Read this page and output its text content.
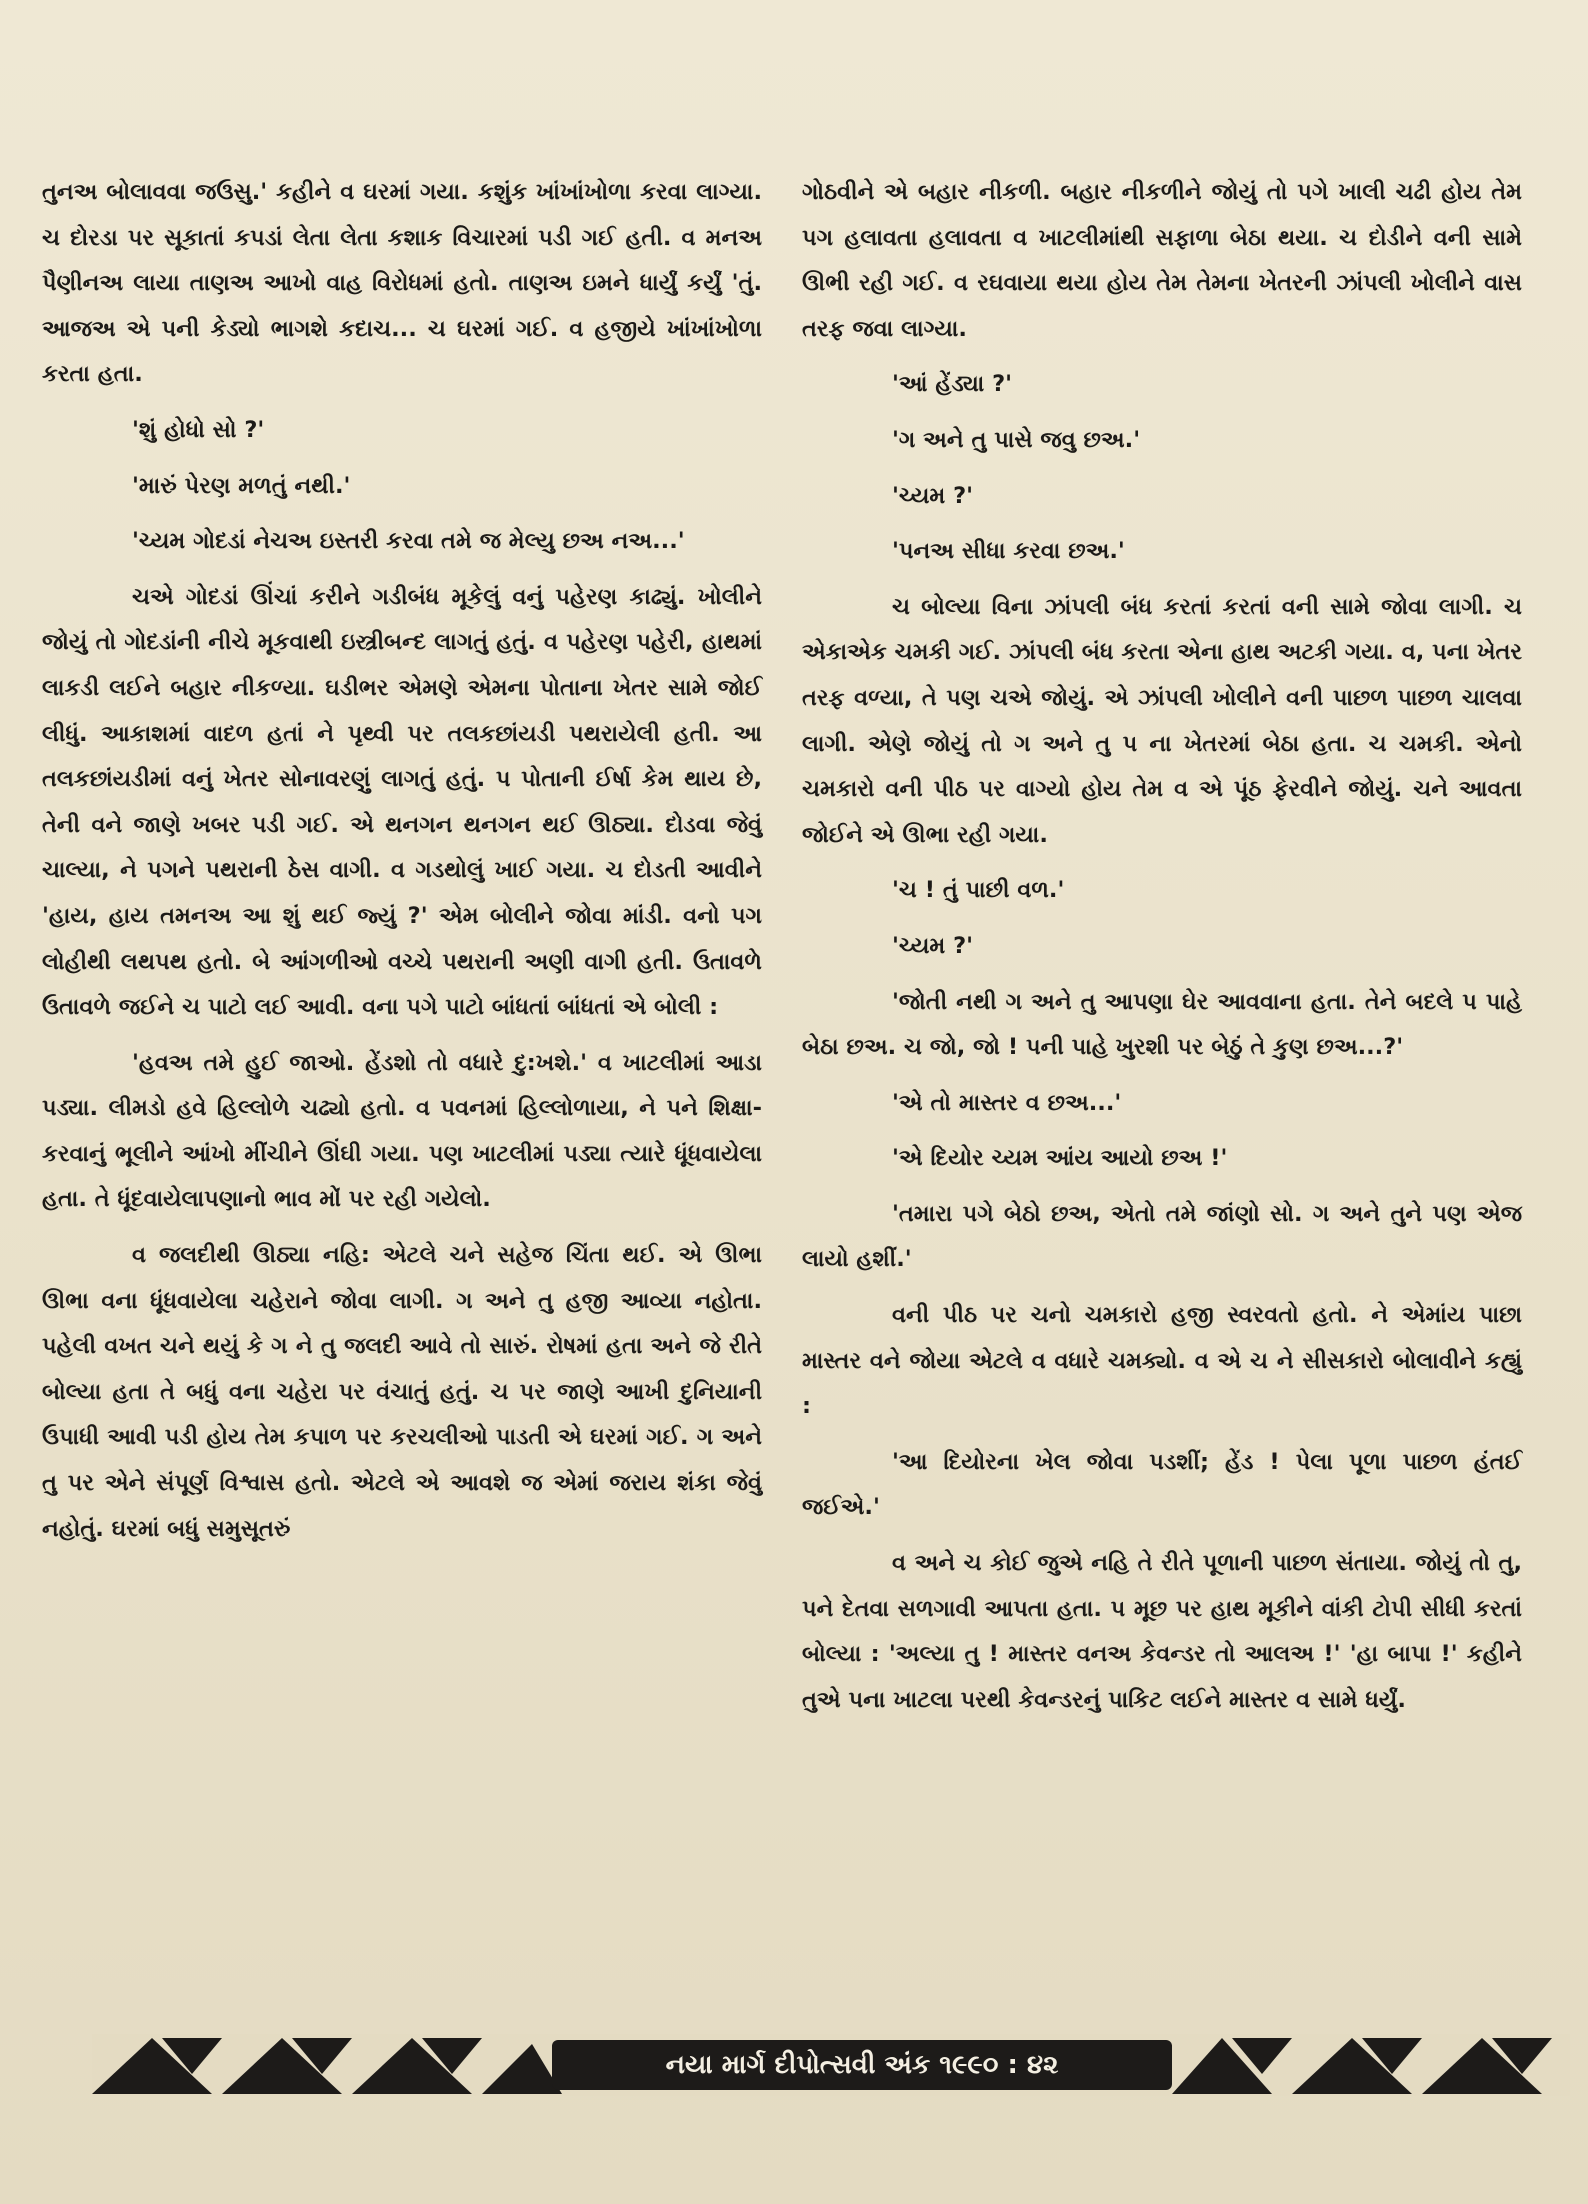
તુનઅ બોલાવવા જઉસુ.' કહીને વ ઘરમાં ગયા. કશુંક ખાંખાંખોળા કરવા લાગ્યા. ચ દોરડા પર સૂકાતાં કપડાં લેતા લેતા કશાક વિચારમાં પડી ગઈ હતી. વ મનઅ પૈણીનઅ લાયા તાણઅ આખો વાહ વિરોધમાં હતો. તાણઅ ઇમને ધાર્યું કર્યું 'તું. આજઅ એ પની કેડ્યો ભાગશે કદાચ... ચ ઘરમાં ગઈ. વ હજીયે ખાંખાંખોળા કરતા હતા.

'શું હોધો સો ?'

'મારું પેરણ મળતું નથી.'

'ચ્યમ ગોદડાં નેચઅ ઇસ્તરી કરવા તમે જ મેલ્યુ છઅ નઅ...'

ચએ ગોદડાં ઊંચાં કરીને ગડીબંધ મૂકેલું વનું પહેરણ કાઢ્યું. ખોલીને જોયું તો ગોદડાંની નીચે મૂકવાથી ઇસ્ત્રીબન્દ લાગતું હતું. વ પહેરણ પહેરી, હાથમાં લાકડી લઈને બહાર નીકળ્યા. ઘડીભર એમણે એમના પોતાના ખેતર સામે જોઈ લીધું. આકાશમાં વાદળ હતાં ને પૃથ્વી પર તલકછાંયડી પથરાયેલી હતી. આ તલકછાંયડીમાં વનું ખેતર સોનાવરણું લાગતું હતું. પ પોતાની ઈર્ષા કેમ થાય છે, તેની વને જાણે ખબર પડી ગઈ. એ થનગન થનગન થઈ ઊઠ્યા. દોડવા જેવું ચાલ્યા, ને પગને પથરાની ઠેસ વાગી. વ ગડથોલું ખાઈ ગયા. ચ દોડતી આવીને 'હાય, હાય તમનઅ આ શું થઈ જ્યું ?' એમ બોલીને જોવા માંડી. વનો પગ લોહીથી લથપથ હતો. બે આંગળીઓ વચ્ચે પથરાની અણી વાગી હતી. ઉતાવળે ઉતાવળે જઈને ચ પાટો લઈ આવી. વના પગે પાટો બાંધતાં બાંધતાં એ બોલી :

'હવઅ તમે હુઈ જાઓ. હેંડશો તો વધારે દુ:ખશે.' વ ખાટલીમાં આડા પડ્યા. લીમડો હવે હિલ્લોળે ચઢ્યો હતો. વ પવનમાં હિલ્લોળાયા, ને પને શિક્ષા-કરવાનું ભૂલીને આંખો મીંચીને ઊંઘી ગયા. પણ ખાટલીમાં પડ્યા ત્યારે ધૂંધવાયેલા હતા. તે ધૂંદવાયેલાપણાનો ભાવ મોં પર રહી ગયેલો.

વ જલદીથી ઊઠ્યા નહિ: એટલે ચને સહેજ ચિંતા થઈ. એ ઊભા ઊભા વના ધૂંધવાયેલા ચહેરાને જોવા લાગી. ગ અને તુ હજી આવ્યા નહોતા. પહેલી વખત ચને થયું કે ગ ને તુ જલદી આવે તો સારું. રોષમાં હતા અને જે રીતે બોલ્યા હતા તે બધું વના ચહેરા પર વંચાતું હતું. ચ પર જાણે આખી દુનિયાની ઉપાધી આવી પડી હોય તેમ કપાળ પર કરચલીઓ પાડતી એ ઘરમાં ગઈ. ગ અને તુ પર એને સંપૂર્ણ વિશ્વાસ હતો. એટલે એ આવશે જ એમાં જરાય શંકા જેવું નહોતું. ઘરમાં બધું સમુસૂતરું

ગોઠવીને એ બહાર નીકળી. બહાર નીકળીને જોયું તો પગે ખાલી ચઢી હોય તેમ પગ હલાવતા હલાવતા વ ખાટલીમાંથી સફાળા બેઠા થયા. ચ દોડીને વની સામે ઊભી રહી ગઈ. વ રઘવાયા થયા હોય તેમ તેમના ખેતરની ઝાંપલી ખોલીને વાસ તરફ જવા લાગ્યા.

'આં હેંડ્યા ?'

'ગ અને તુ પાસે જવુ છઅ.'

'ચ્યમ ?'

'પનઅ સીધા કરવા છઅ.'

ચ બોલ્યા વિના ઝાંપલી બંધ કરતાં કરતાં વની સામે જોવા લાગી. ચ એકાએક ચમકી ગઈ. ઝાંપલી બંધ કરતા એના હાથ અટકી ગયા. વ, પના ખેતર તરફ વળ્યા, તે પણ ચએ જોયું. એ ઝાંપલી ખોલીને વની પાછળ પાછળ ચાલવા લાગી. એણે જોયું તો ગ અને તુ પ ના ખેતરમાં બેઠા હતા. ચ ચમકી. એનો ચમકારો વની પીઠ પર વાગ્યો હોય તેમ વ એ પૂંઠ ફેરવીને જોયું. ચને આવતા જોઈને એ ઊભા રહી ગયા.

'ચ ! તું પાછી વળ.'

'ચ્યમ ?'

'જોતી નથી ગ અને તુ આપણા ઘેર આવવાના હતા. તેને બદલે પ પાહે બેઠા છઅ. ચ જો, જો ! પની પાહે ખુરશી પર બેઠું તે કુણ છઅ...?'

'એ તો માસ્તર વ છઅ...'

'એ દિયોર ચ્યમ આંય આયો છઅ !'

'તમારા પગે બેઠો છઅ, એતો તમે જાંણો સો. ગ અને તુને પણ એજ લાયો હશીં.'

વની પીઠ પર ચનો ચમકારો હજી સ્વરવતો હતો. ને એમાંય પાછા માસ્તર વને જોયા એટલે વ વધારે ચમક્યો. વ એ ચ ને સીસકારો બોલાવીને કહ્યું :

'આ દિયોરના ખેલ જોવા પડશીં; હેંડ ! પેલા પૂળા પાછળ હંતઈ જઈએ.'

વ અને ચ કોઈ જુએ નહિ તે રીતે પૂળાની પાછળ સંતાયા. જોયું તો તુ, પને દેતવા સળગાવી આપતા હતા. પ મૂછ પર હાથ મૂકીને વાંકી ટોપી સીધી કરતાં બોલ્યા : 'અલ્યા તુ ! માસ્તર વનઅ કેવન્ડર તો આલઅ !' 'હા બાપા !' કહીને તુએ પના ખાટલા પરથી કેવન્ડરનું પાકિટ લઈને માસ્તર વ સામે ધર્યું.

નયા માર્ગ દીપોત્સવી અંક ૧૯૯૦ : ૪૨
